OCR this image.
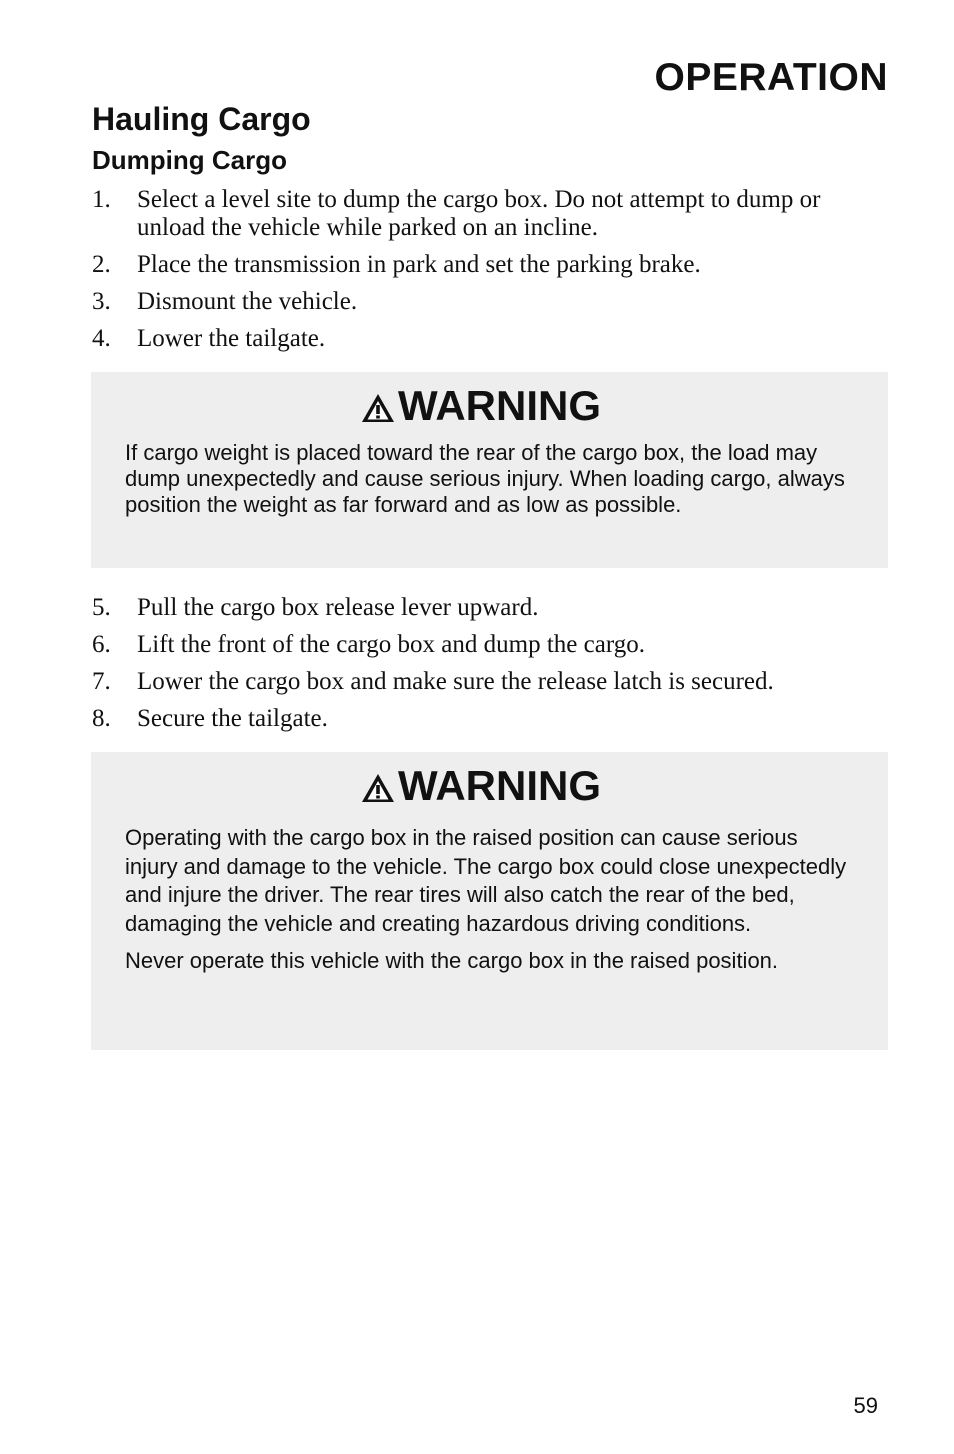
OPERATION
Hauling Cargo
Dumping Cargo
1. Select a level site to dump the cargo box. Do not attempt to dump or unload the vehicle while parked on an incline.
2. Place the transmission in park and set the parking brake.
3. Dismount the vehicle.
4. Lower the tailgate.
WARNING

If cargo weight is placed toward the rear of the cargo box, the load may dump unexpectedly and cause serious injury. When loading cargo, always position the weight as far forward and as low as possible.

5. Pull the cargo box release lever upward.
6. Lift the front of the cargo box and dump the cargo.
7. Lower the cargo box and make sure the release latch is secured.
8. Secure the tailgate.
WARNING

Operating with the cargo box in the raised position can cause serious injury and damage to the vehicle. The cargo box could close unexpectedly and injure the driver. The rear tires will also catch the rear of the bed, damaging the vehicle and creating hazardous driving conditions.

Never operate this vehicle with the cargo box in the raised position.

59
